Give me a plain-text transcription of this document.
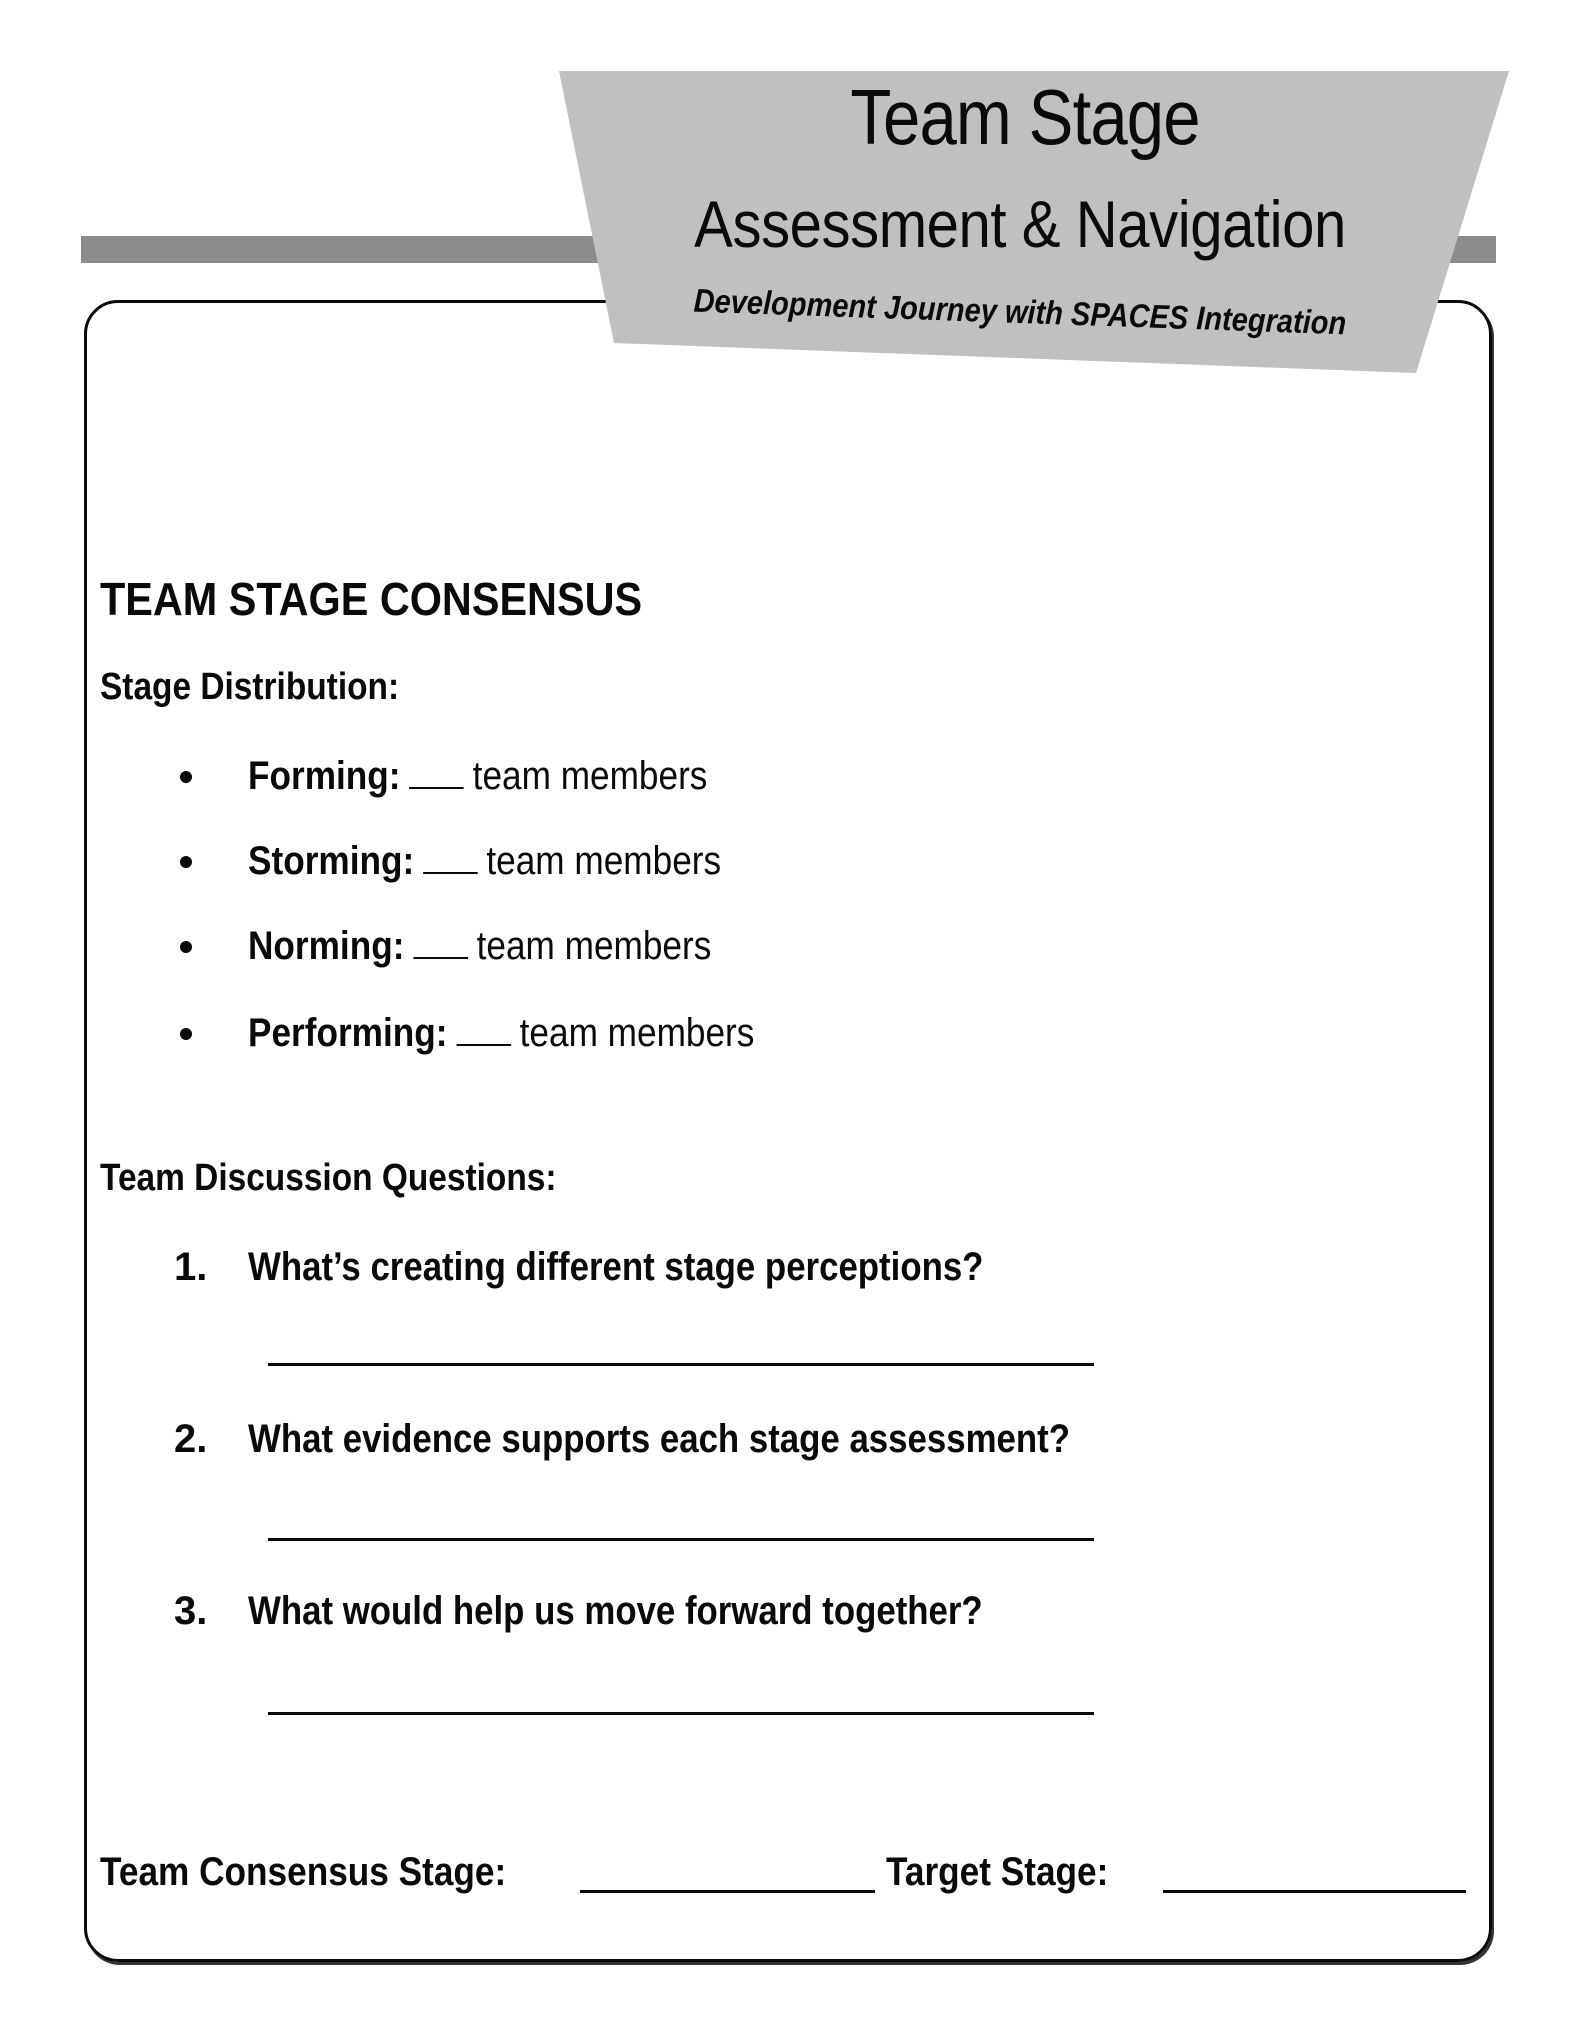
Team Stage
Assessment & Navigation
Development Journey with SPACES Integration
TEAM STAGE CONSENSUS
Stage Distribution:
Forming: team members
Storming: team members
Norming: team members
Performing: team members
Team Discussion Questions:
1. What’s creating different stage perceptions?
2. What evidence supports each stage assessment?
3. What would help us move forward together?
Team Consensus Stage:	Target Stage:
